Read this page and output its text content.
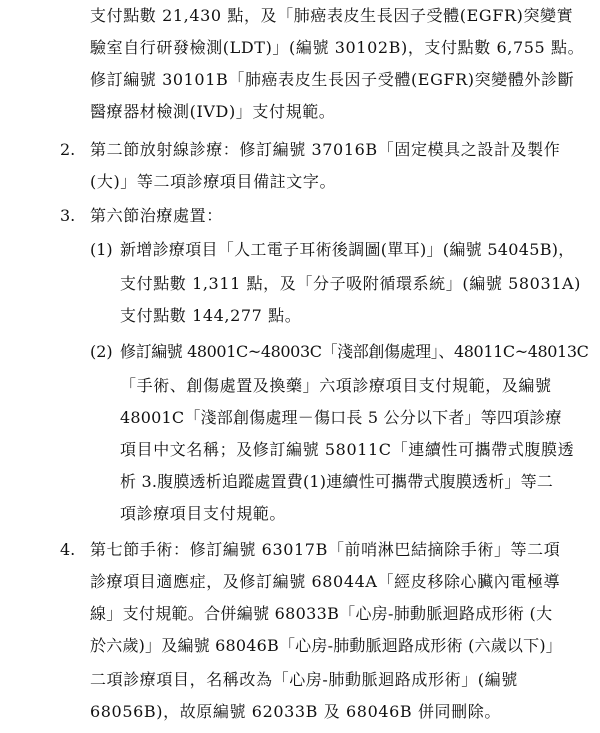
支付點數 21,430 點，及「肺癌表皮生長因子受體(EGFR)突變實
驗室自行研發檢測(LDT)」(編號 30102B)，支付點數 6,755 點。
修訂編號 30101B「肺癌表皮生長因子受體(EGFR)突變體外診斷
醫療器材檢測(IVD)」支付規範。
2. 第二節放射線診療：修訂編號 37016B「固定模具之設計及製作
(大)」等二項診療項目備註文字。
3. 第六節治療處置：
(1) 新增診療項目「人工電子耳術後調圖(單耳)」(編號 54045B)，
支付點數 1,311 點，及「分子吸附循環系統」(編號 58031A)
支付點數 144,277 點。
(2) 修訂編號 48001C~48003C「淺部創傷處理」、48011C~48013C
「手術、創傷處置及換藥」六項診療項目支付規範，及編號
48001C「淺部創傷處理－傷口長 5 公分以下者」等四項診療
項目中文名稱；及修訂編號 58011C「連續性可攜帶式腹膜透
析 3.腹膜透析追蹤處置費(1)連續性可攜帶式腹膜透析」等二
項診療項目支付規範。
4. 第七節手術：修訂編號 63017B「前哨淋巴結摘除手術」等二項
診療項目適應症，及修訂編號 68044A「經皮移除心臟內電極導
線」支付規範。合併編號 68033B「心房-肺動脈迴路成形術 (大
於六歲)」及編號 68046B「心房-肺動脈迴路成形術 (六歲以下)」
二項診療項目，名稱改為「心房-肺動脈迴路成形術」(編號
68056B)，故原編號 62033B 及 68046B 併同刪除。
